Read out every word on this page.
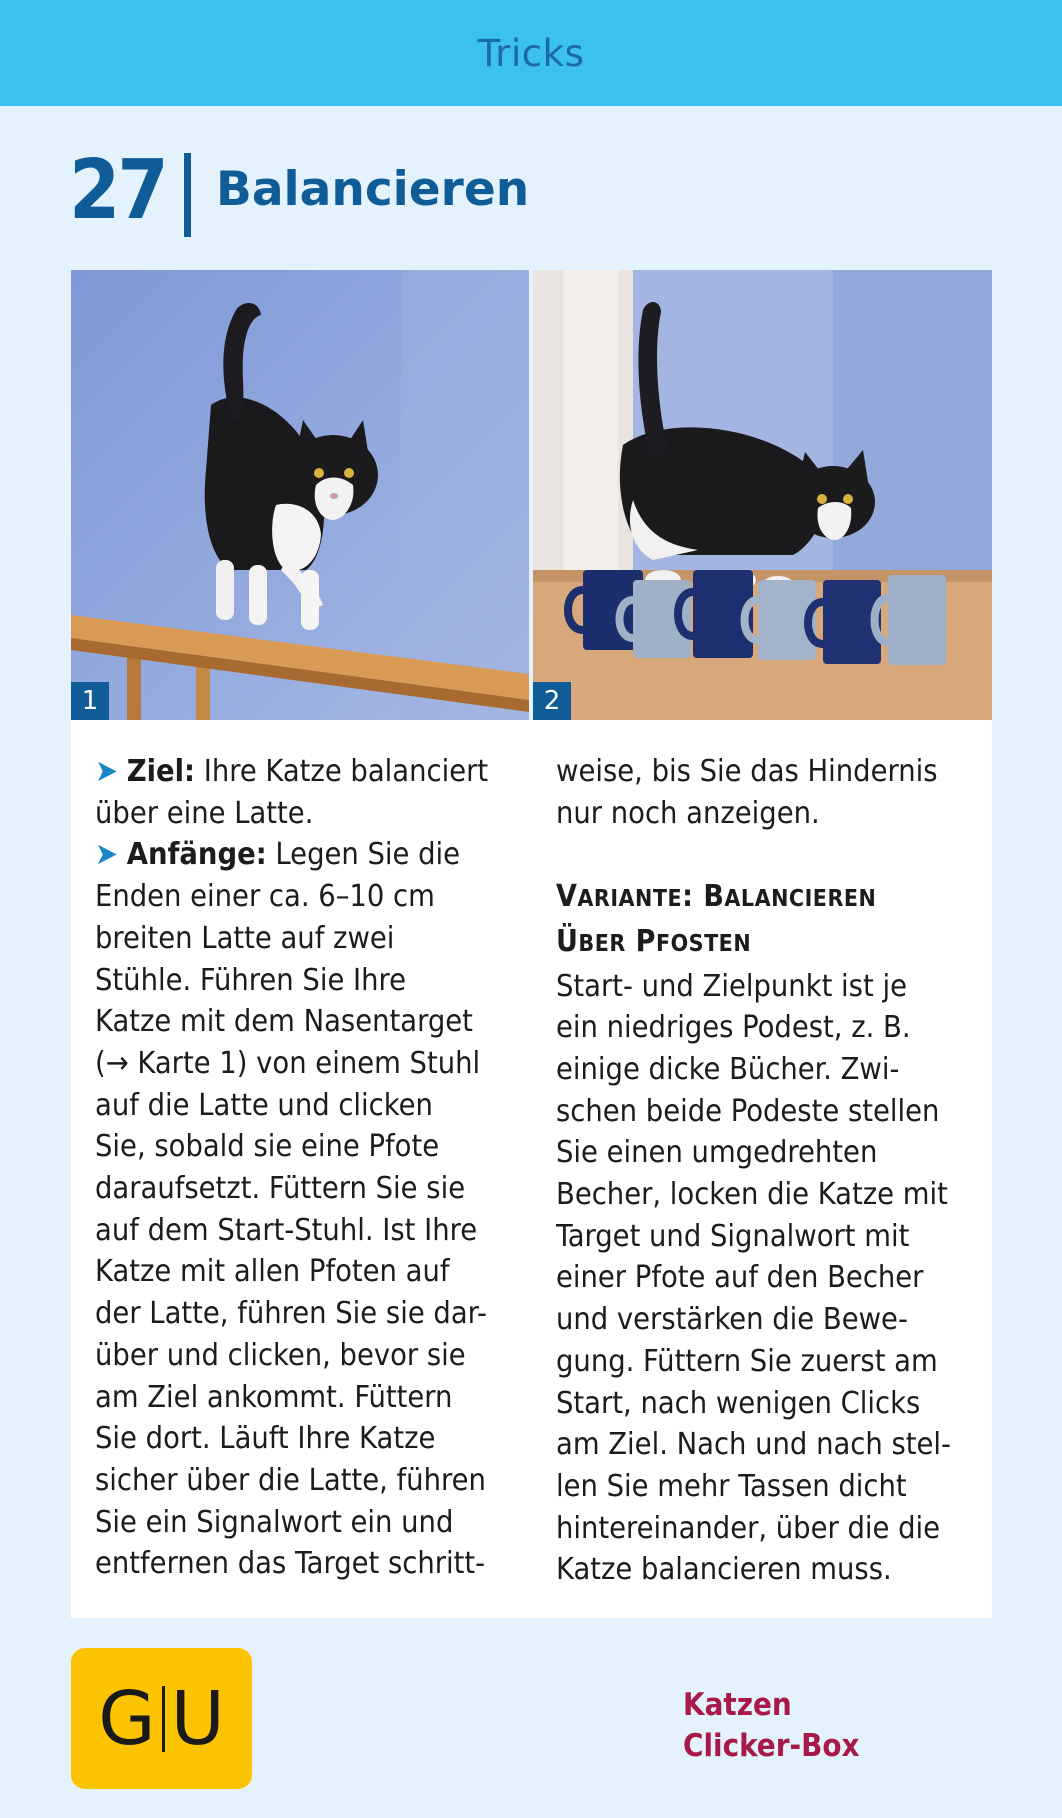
Tricks
27 Balancieren
1	2

➤ Ziel: Ihre Katze balanciert

über eine Latte.

➤ Anfänge: Legen Sie die

Enden einer ca. 6–10 cm

breiten Latte auf zwei

Stühle. Führen Sie Ihre

Katze mit dem Nasentarget

(→ Karte 1) von einem Stuhl

auf die Latte und clicken

Sie, sobald sie eine Pfote

daraufsetzt. Füttern Sie sie

auf dem Start-Stuhl. Ist Ihre

Katze mit allen Pfoten auf

der Latte, führen Sie sie dar-

über und clicken, bevor sie

am Ziel ankommt. Füttern

Sie dort. Läuft Ihre Katze

sicher über die Latte, führen

Sie ein Signalwort ein und

entfernen das Target schritt-

weise, bis Sie das Hindernis

nur noch anzeigen.

VARIANTE: BALANCIEREN

ÜBER PFOSTEN

Start- und Zielpunkt ist je

ein niedriges Podest, z. B.

einige dicke Bücher. Zwi-

schen beide Podeste stellen

Sie einen umgedrehten

Becher, locken die Katze mit

Target und Signalwort mit

einer Pfote auf den Becher

und verstärken die Bewe-

gung. Füttern Sie zuerst am

Start, nach wenigen Clicks

am Ziel. Nach und nach stel-

len Sie mehr Tassen dicht

hintereinander, über die die

Katze balancieren muss.

G U	Katzen
Clicker-Box
